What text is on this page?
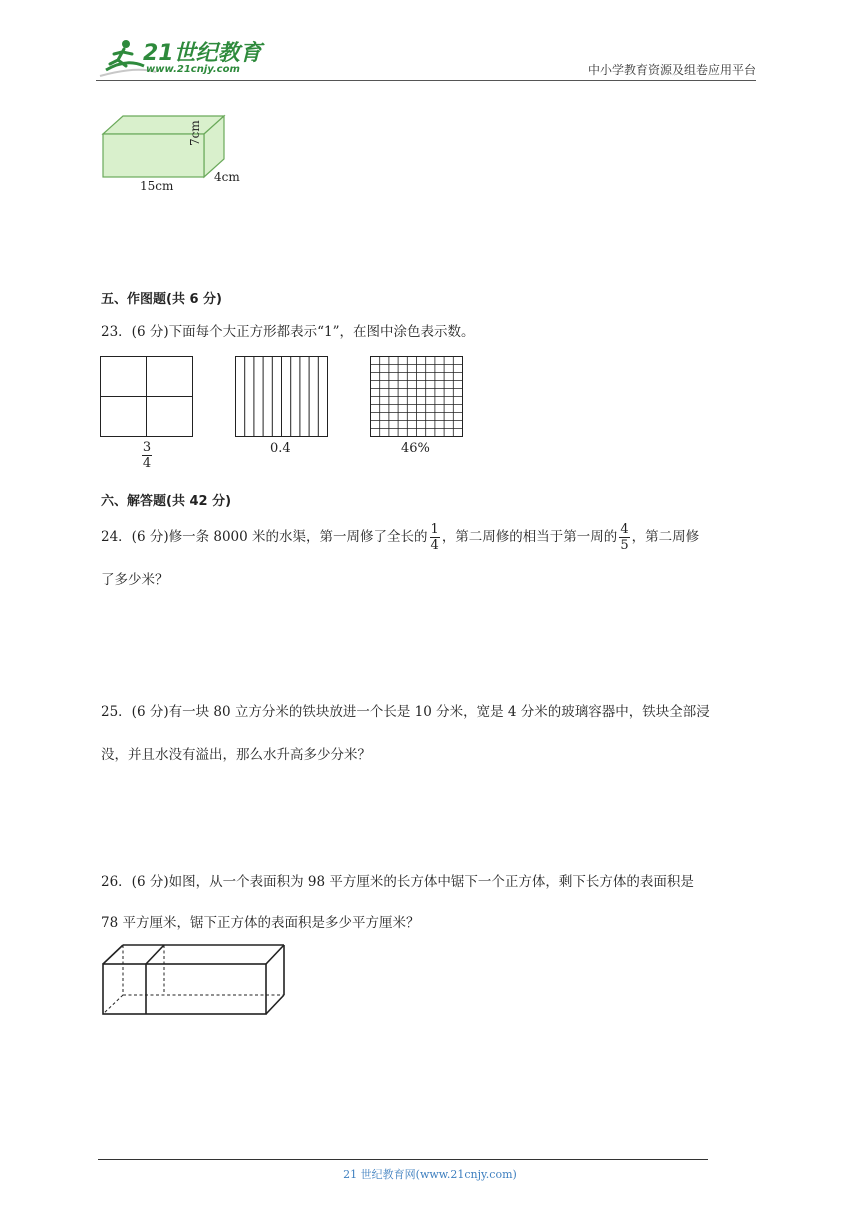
21世纪教育
www.21cnjy.com	中小学教育资源及组卷应用平台
15cm
4cm
7cm
五、作图题(共 6 分)
23．(6 分)下面每个大正方形都表示“1”，在图中涂色表示数。
$\frac{3}{4}$	0.4	46%
六、解答题(共 42 分)
24．(6 分)修一条 8000 米的水渠，第一周修了全长的 $\frac{1}{4}$ ，第二周修的相当于第一周的 $\frac{4}{5}$ ，第二周修
了多少米？
25．(6 分)有一块 80 立方分米的铁块放进一个长是 10 分米，宽是 4 分米的玻璃容器中，铁块全部浸
没，并且水没有溢出，那么水升高多少分米？
26．(6 分)如图，从一个表面积为 98 平方厘米的长方体中锯下一个正方体，剩下长方体的表面积是
78 平方厘米，锯下正方体的表面积是多少平方厘米？
21 世纪教育网(www.21cnjy.com)
